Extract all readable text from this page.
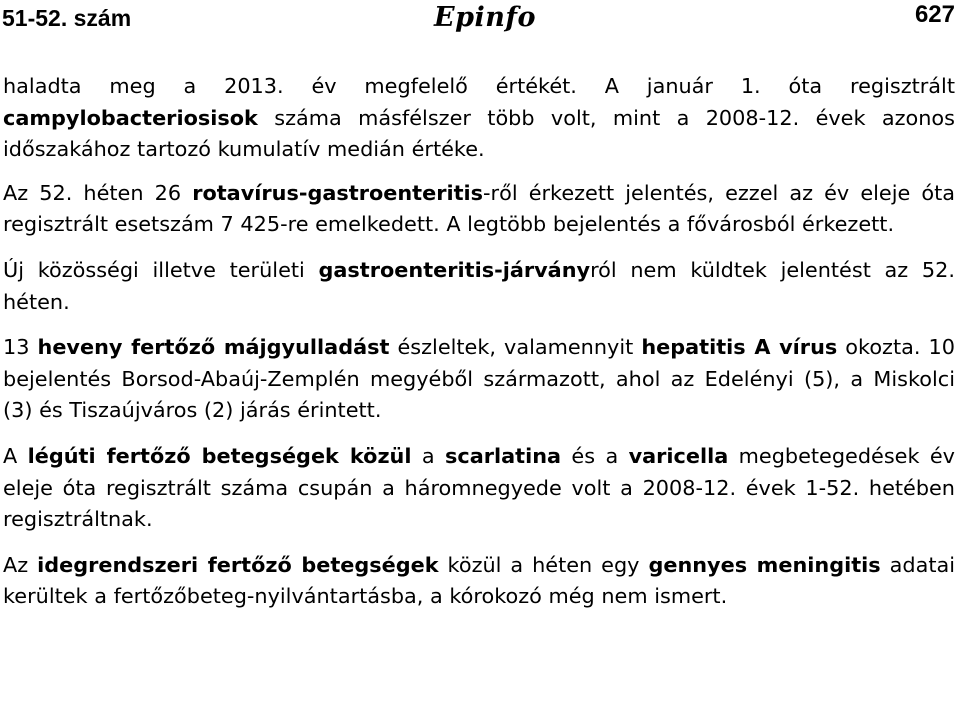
51-52. szám	Epinfo	627

haladta meg a 2013. év megfelelő értékét. A január 1. óta regisztrált campylobacteriosisok száma másfélszer több volt, mint a 2008-12. évek azonos időszakához tartozó kumulatív medián értéke.

Az 52. héten 26 rotavírus-gastroenteritis-ről érkezett jelentés, ezzel az év eleje óta regisztrált esetszám 7 425-re emelkedett. A legtöbb bejelentés a fővárosból érkezett.

Új közösségi illetve területi gastroenteritis-járványról nem küldtek jelentést az 52. héten.

13 heveny fertőző májgyulladást észleltek, valamennyit hepatitis A vírus okozta. 10 bejelentés Borsod-Abaúj-Zemplén megyéből származott, ahol az Edelényi (5), a Miskolci (3) és Tiszaújváros (2) járás érintett.

A légúti fertőző betegségek közül a scarlatina és a varicella megbetegedések év eleje óta regisztrált száma csupán a háromnegyede volt a 2008-12. évek 1-52. hetében regisztráltnak.

Az idegrendszeri fertőző betegségek közül a héten egy gennyes meningitis adatai kerültek a fertőzőbeteg-nyilvántartásba, a kórokozó még nem ismert.
